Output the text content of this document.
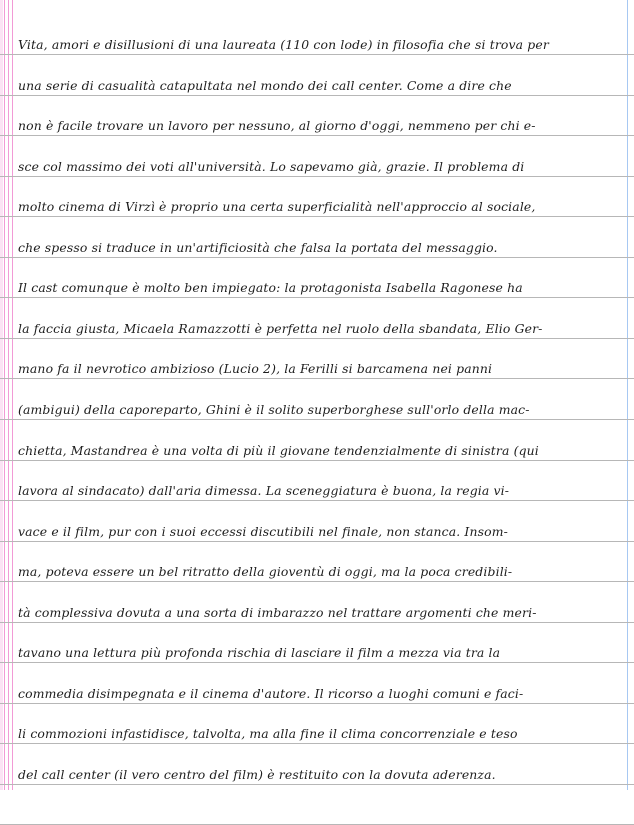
Vita, amori e disillusioni di una laureata (110 con lode) in filosofia che si trova per
una serie di casualità catapultata nel mondo dei call center. Come a dire che
non è facile trovare un lavoro per nessuno, al giorno d'oggi, nemmeno per chi e-
sce col massimo dei voti all'università. Lo sapevamo già, grazie. Il problema di
molto cinema di Virzì è proprio una certa superficialità nell'approccio al sociale,
che spesso si traduce in un'artificiosità che falsa la portata del messaggio.
Il cast comunque è molto ben impiegato: la protagonista Isabella Ragonese ha
la faccia giusta, Micaela Ramazzotti è perfetta nel ruolo della sbandata, Elio Ger-
mano fa il nevrotico ambizioso (Lucio 2), la Ferilli si barcamena nei panni
(ambigui) della caporeparto, Ghini è il solito superborghese sull'orlo della mac-
chietta, Mastandrea è una volta di più il giovane tendenzialmente di sinistra (qui
lavora al sindacato) dall'aria dimessa. La sceneggiatura è buona, la regia vi-
vace e il film, pur con i suoi eccessi discutibili nel finale, non stanca. Insom-
ma, poteva essere un bel ritratto della gioventù di oggi, ma la poca credibili-
tà complessiva dovuta a una sorta di imbarazzo nel trattare argomenti che meri-
tavano una lettura più profonda rischia di lasciare il film a mezza via tra la
commedia disimpegnata e il cinema d'autore. Il ricorso a luoghi comuni e faci-
li commozioni infastidisce, talvolta, ma alla fine il clima concorrenziale e teso
del call center (il vero centro del film) è restituito con la dovuta aderenza.
